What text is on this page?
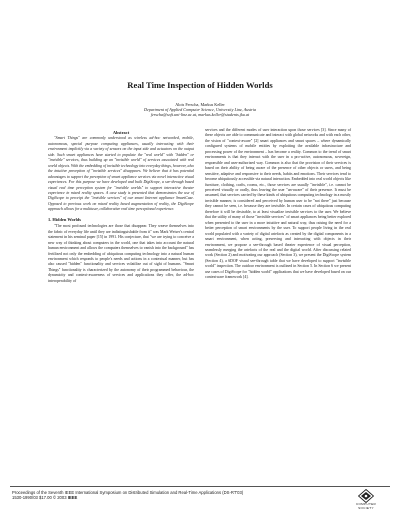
Real Time Inspection of Hidden Worlds
Alois Ferscha, Markus Keller
Department of Applied Computer Science, University Linz, Austria
ferscha@soft.uni-linz.ac.at, markus.keller@students.jku.at
Abstract

"Smart Things" are commonly understood as wireless ad-hoc networked, mobile, autonomous, special purpose computing appliances, usually interacting with their environment implicitly via a variety of sensors on the input side and actuators on the output side. Such smart appliances have started to populate the "real world" with "hidden" or "invisible" services, thus building up an "invisible world" of services associated with real world objects. With the embedding of invisible technology into everyday things, however, also the intuitive perception of "invisible services" disappears. We believe that it has potential advantages to support the perception of smart appliance services via novel interactive visual experiences. For this purpose we have developed and built DigiScope, a see-through based visual real time perception system for "invisible worlds" to support interactive theater experience in mixed reality spaces. A case study is presented that demonstrates the use of DigiScope to perceipt the "invisible services" of our smart Internet appliance SmartCase. Opposed to previous work on mixed reality based augmentation of reality, the DigiScope approach allows for a multiuser, collaborative real time perceptional experience.

1. Hidden Worlds

"The most profound technologies are those that disappear. They weave themselves into the fabric of everyday life until they are indistinguishable from it" was Mark Weiser's central statement in his seminal paper [15] in 1991. His conjecture, that "we are trying to conceive a new way of thinking about computers in the world, one that takes into account the natural human environment and allows the computers themselves to vanish into the background" has fertilized not only the embedding of ubiquitous computing technology into a natural human environment which responds to people's needs and actions in a contextual manner, but has also caused "hidden" functionality and services volatilize out of sight of humans. "Smart Things" functionality is characterized by the autonomy of their programmed behaviour, the dynamicity and context-awareness of services and applications they offer, the ad-hoc interoperability of

services and the different modes of user interaction upon those services [3]. Since many of these objects are able to communicate and interact with global networks and with each other, the vision of "context-aware" [2] smart appliances and smart spaces – where dynamically configured systems of mobile entities by exploiting the available infrastructure and processing power of the environment – has become a reality. Common to the trend of smart environments is that they interact with the user in a pro-active, autonomous, sovereign, responsible and user-authorized way. Common is also that the provision of their services is based on their ability of being aware of the presence of other objects or users, and being sensitive, adaptive and responsive to their needs, habits and emotions. Their services tend to become ubiquitously accessible via natural interaction. Embedded into real world objects like furniture, clothing, crafts, rooms, etc., those services are usually "invisible", i.e. cannot be perceived visually or orally, thus leaving the user "un-aware" of their presence. It must be assumed, that services carried by these kinds of ubiquitous computing technology in a mostly invisible manner, is considered and perceived by human user to be "not there" just because they cannot be seen, i.e. because they are invisible. In certain cases of ubiquitous computing therefore it will be desirable, to at least visualize invisible services to the user. We believe that the utility of many of those "invisible services" of smart appliances being better explored when presented to the user in a more intuitive and natural way, thus raising the need for a better perception of smart environments by the user. To support people living in the real world populated with a variety of digital artefacts as created by the digital components in a smart environment, when acting, preserving and interacting with objects in their environment, we propose a see-through based theater experience of visual perception, seamlessly merging the artefacts of the real and the digital world. After discussing related work (Section 2) and motivating our approach (Section 3), we present the DigiScope system (Section 4), a 6DOF visual see-through table that we have developed to support "invisible world" inspection. The outdoor environment is outlined in Section 5. In Section 6 we present use cases of DigiScope for "hidden world" applications that we have developed based on our contextware framework [4].

Proceedings of the Seventh IEEE International Symposium on Distributed Simulation and Real-Time Applications (DS-RT'03)
1530-1990/03 $17.00 © 2003 IEEE
COMPUTER
SOCIETY
